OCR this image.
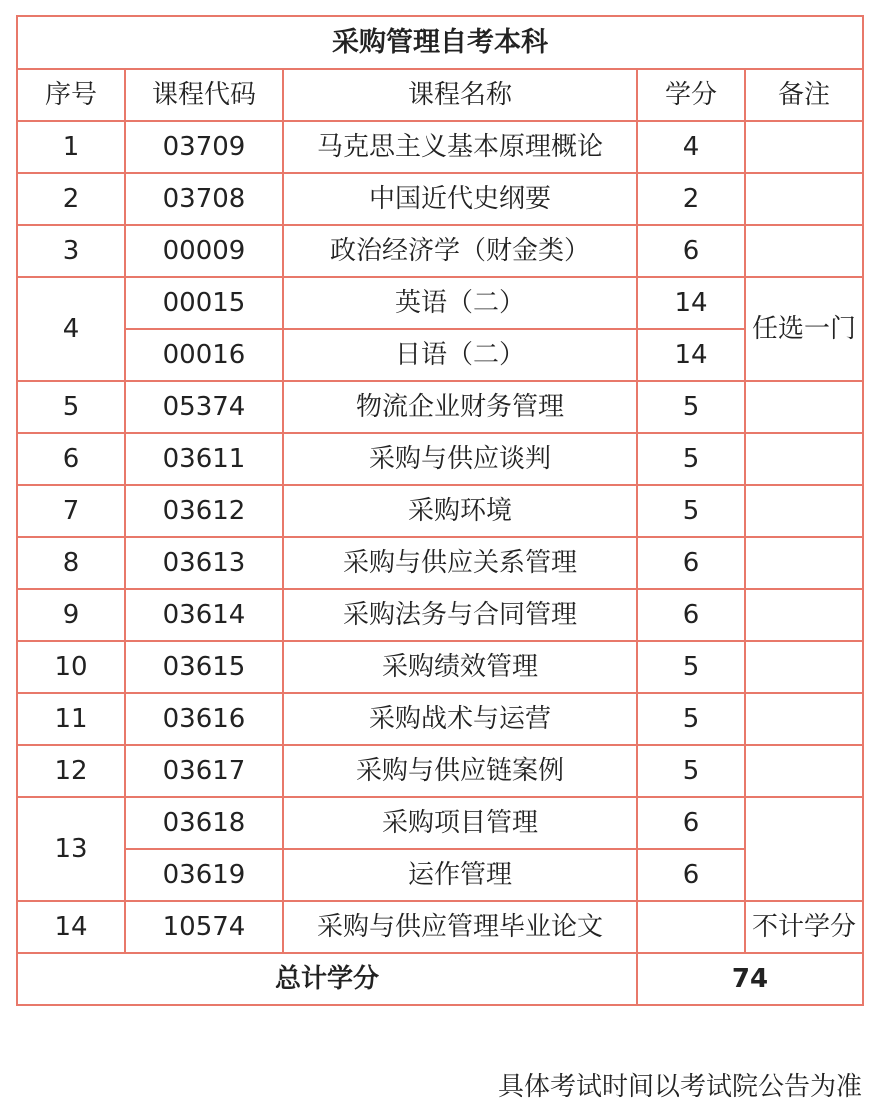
采购管理自考本科				
序号	课程代码	课程名称	学分	备注
1	03709	马克思主义基本原理概论	4	
2	03708	中国近代史纲要	2	
3	00009	政治经济学（财金类）	6	
4	00015	英语（二）	14	任选一门
	00016	日语（二）	14	
5	05374	物流企业财务管理	5	
6	03611	采购与供应谈判	5	
7	03612	采购环境	5	
8	03613	采购与供应关系管理	6	
9	03614	采购法务与合同管理	6	
10	03615	采购绩效管理	5	
11	03616	采购战术与运营	5	
12	03617	采购与供应链案例	5	
13	03618	采购项目管理	6	
	03619	运作管理	6	
14	10574	采购与供应管理毕业论文		不计学分
总计学分			74	
具体考试时间以考试院公告为准
